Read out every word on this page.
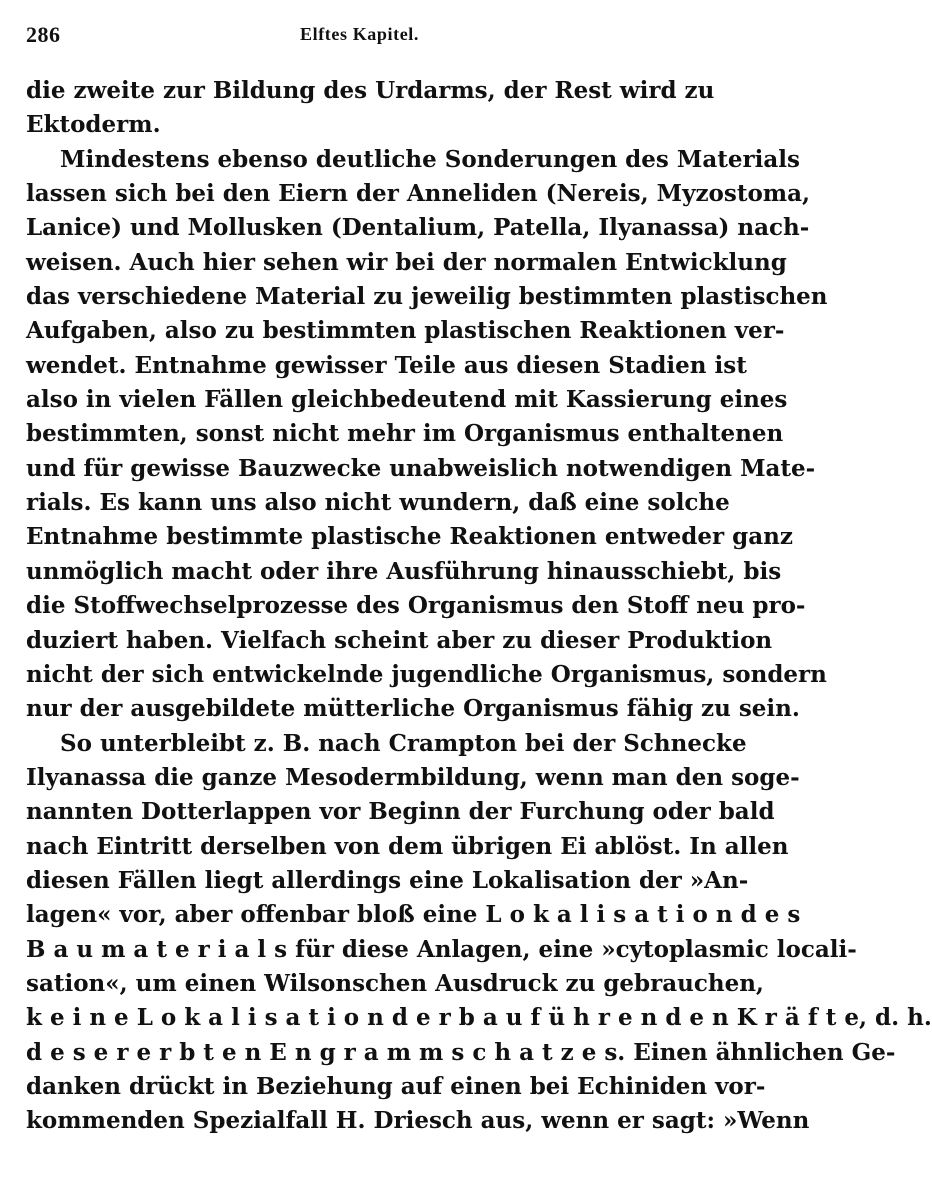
286	Elftes Kapitel.
die zweite zur Bildung des Urdarms, der Rest wird zu
Ektoderm.
Mindestens ebenso deutliche Sonderungen des Materials
lassen sich bei den Eiern der Anneliden (Nereis, Myzostoma,
Lanice) und Mollusken (Dentalium, Patella, Ilyanassa) nach-
weisen. Auch hier sehen wir bei der normalen Entwicklung
das verschiedene Material zu jeweilig bestimmten plastischen
Aufgaben, also zu bestimmten plastischen Reaktionen ver-
wendet. Entnahme gewisser Teile aus diesen Stadien ist
also in vielen Fällen gleichbedeutend mit Kassierung eines
bestimmten, sonst nicht mehr im Organismus enthaltenen
und für gewisse Bauzwecke unabweislich notwendigen Mate-
rials. Es kann uns also nicht wundern, daß eine solche
Entnahme bestimmte plastische Reaktionen entweder ganz
unmöglich macht oder ihre Ausführung hinausschiebt, bis
die Stoffwechselprozesse des Organismus den Stoff neu pro-
duziert haben. Vielfach scheint aber zu dieser Produktion
nicht der sich entwickelnde jugendliche Organismus, sondern
nur der ausgebildete mütterliche Organismus fähig zu sein.
So unterbleibt z. B. nach Crampton bei der Schnecke
Ilyanassa die ganze Mesodermbildung, wenn man den soge-
nannten Dotterlappen vor Beginn der Furchung oder bald
nach Eintritt derselben von dem übrigen Ei ablöst. In allen
diesen Fällen liegt allerdings eine Lokalisation der »An-
lagen« vor, aber offenbar bloß eine L o k a l i s a t i o n d e s
B a u m a t e r i a l s für diese Anlagen, eine »cytoplasmic locali-
sation«, um einen Wilsonschen Ausdruck zu gebrauchen,
k e i n e L o k a l i s a t i o n d e r b a u f ü h r e n d e n K r ä f t e, d. h.
d e s e r e r b t e n E n g r a m m s c h a t z e s. Einen ähnlichen Ge-
danken drückt in Beziehung auf einen bei Echiniden vor-
kommenden Spezialfall H. Driesch aus, wenn er sagt: »Wenn
